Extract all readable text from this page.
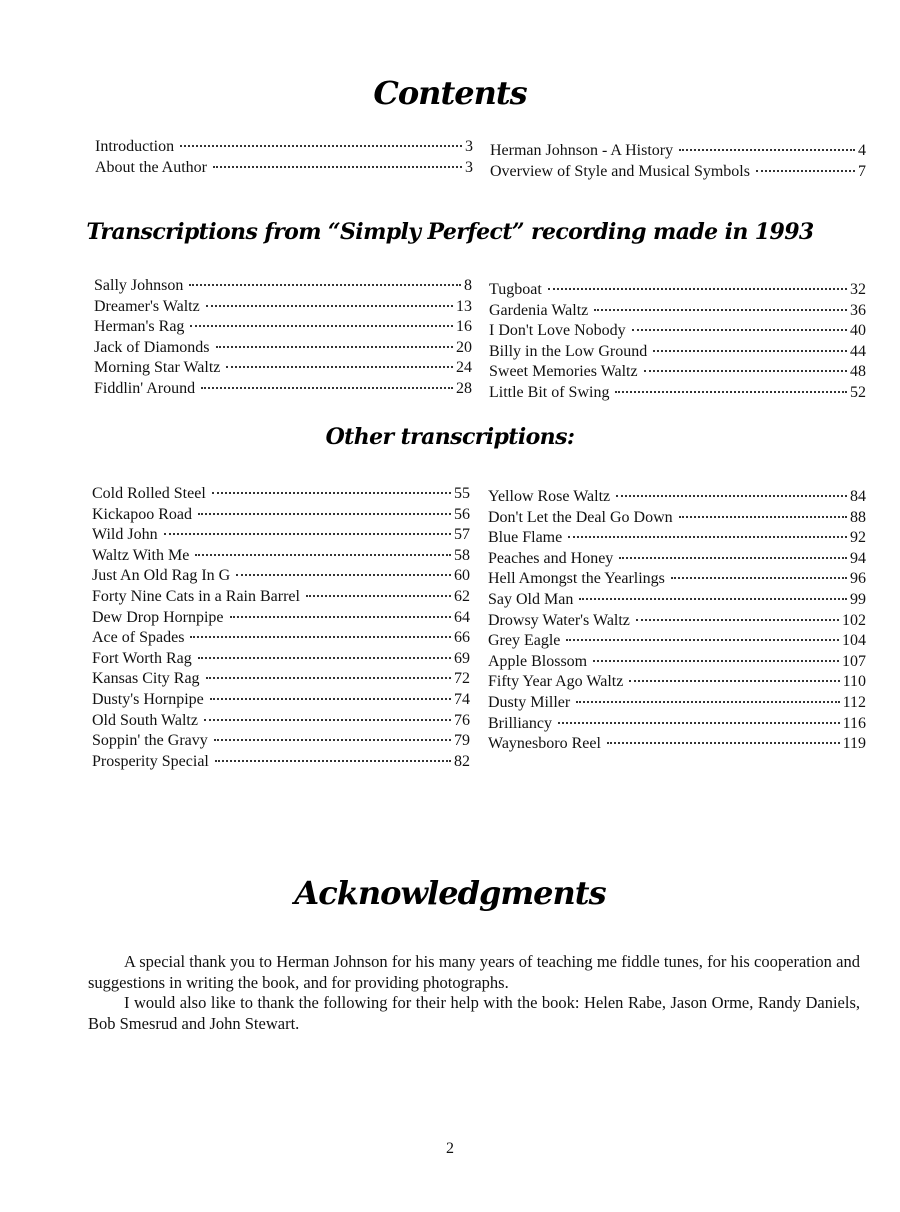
Contents
Introduction	3
About the Author	3
Herman Johnson - A History	4
Overview of Style and Musical Symbols	7
Transcriptions from “Simply Perfect” recording made in 1993
Sally Johnson	8
Dreamer's Waltz	13
Herman's Rag	16
Jack of Diamonds	20
Morning Star Waltz	24
Fiddlin' Around	28
Tugboat	32
Gardenia Waltz	36
I Don't Love Nobody	40
Billy in the Low Ground	44
Sweet Memories Waltz	48
Little Bit of Swing	52
Other transcriptions:
Cold Rolled Steel	55
Kickapoo Road	56
Wild John	57
Waltz With Me	58
Just An Old Rag In G	60
Forty Nine Cats in a Rain Barrel	62
Dew Drop Hornpipe	64
Ace of Spades	66
Fort Worth Rag	69
Kansas City Rag	72
Dusty's Hornpipe	74
Old South Waltz	76
Soppin' the Gravy	79
Prosperity Special	82
Yellow Rose Waltz	84
Don't Let the Deal Go Down	88
Blue Flame	92
Peaches and Honey	94
Hell Amongst the Yearlings	96
Say Old Man	99
Drowsy Water's Waltz	102
Grey Eagle	104
Apple Blossom	107
Fifty Year Ago Waltz	110
Dusty Miller	112
Brilliancy	116
Waynesboro Reel	119
Acknowledgments

A special thank you to Herman Johnson for his many years of teaching me fiddle tunes, for his cooperation and suggestions in writing the book, and for providing photographs.

I would also like to thank the following for their help with the book: Helen Rabe, Jason Orme, Randy Daniels, Bob Smesrud and John Stewart.

2
